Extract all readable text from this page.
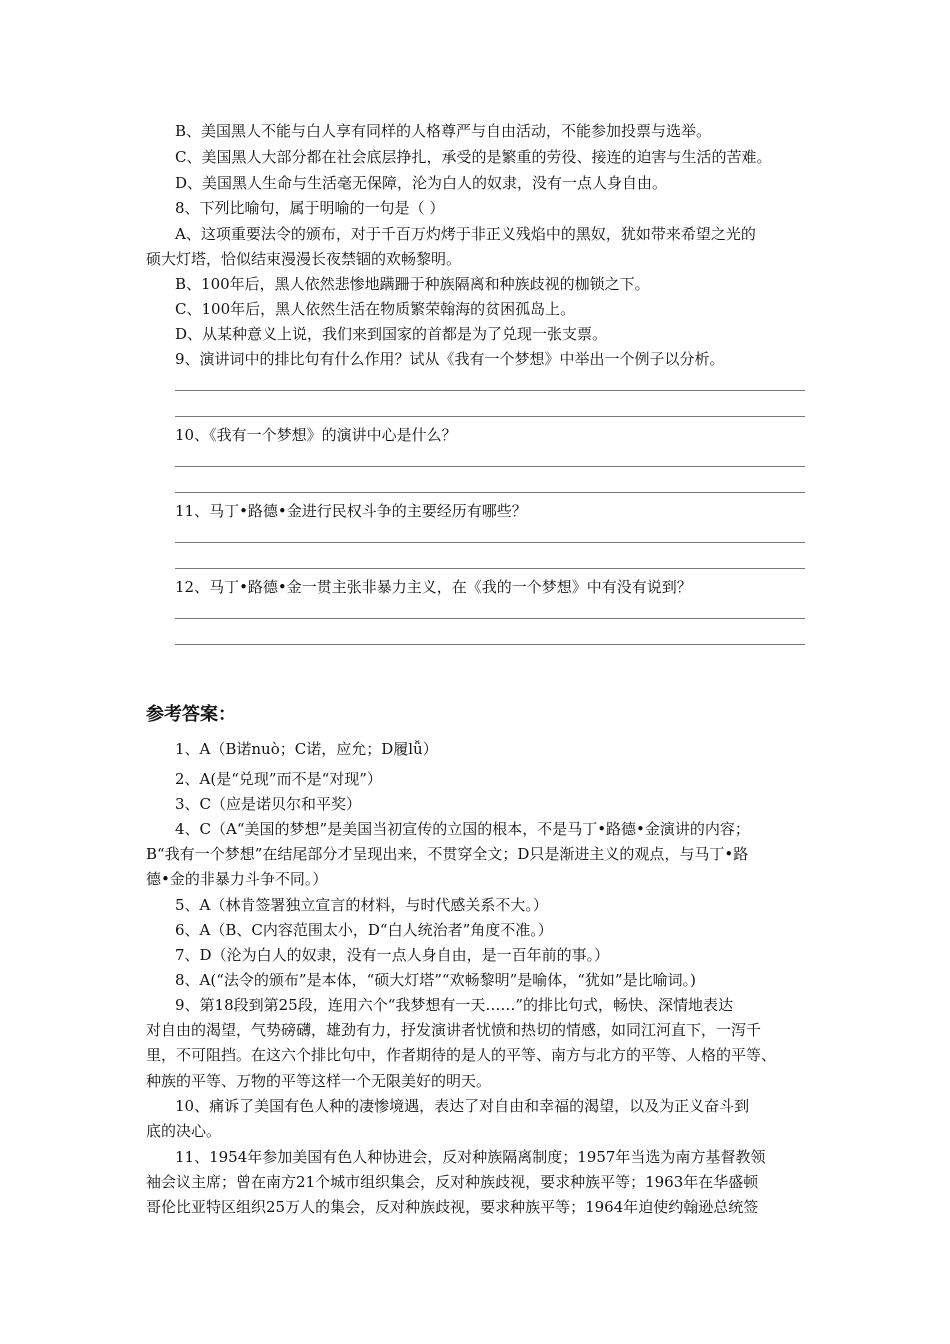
B、美国黑人不能与白人享有同样的人格尊严与自由活动，不能参加投票与选举。
C、美国黑人大部分都在社会底层挣扎，承受的是繁重的劳役、接连的迫害与生活的苦难。
D、美国黑人生命与生活毫无保障，沦为白人的奴隶，没有一点人身自由。
8、下列比喻句，属于明喻的一句是（ ）
A、这项重要法令的颁布，对于千百万灼烤于非正义残焰中的黑奴，犹如带来希望之光的
硕大灯塔，恰似结束漫漫长夜禁锢的欢畅黎明。
B、100年后，黑人依然悲惨地蹒跚于种族隔离和种族歧视的枷锁之下。
C、100年后，黑人依然生活在物质繁荣翰海的贫困孤岛上。
D、从某种意义上说，我们来到国家的首都是为了兑现一张支票。
9、演讲词中的排比句有什么作用？试从《我有一个梦想》中举出一个例子以分析。
10、《我有一个梦想》的演讲中心是什么？
11、马丁•路德•金进行民权斗争的主要经历有哪些？
12、马丁•路德•金一贯主张非暴力主义，在《我的一个梦想》中有没有说到？
参考答案：
1、A（B诺nuò；C诺，应允；D履lǚ）
2、A(是“兑现”而不是“对现”）
3、C（应是诺贝尔和平奖）
4、C（A“美国的梦想”是美国当初宣传的立国的根本，不是马丁•路德•金演讲的内容；
B“我有一个梦想”在结尾部分才呈现出来，不贯穿全文；D只是渐进主义的观点，与马丁•路
德•金的非暴力斗争不同。）
5、A（林肯签署独立宣言的材料，与时代感关系不大。）
6、A（B、C内容范围太小，D“白人统治者”角度不准。）
7、D（沦为白人的奴隶，没有一点人身自由，是一百年前的事。）
8、A(“法令的颁布”是本体，“硕大灯塔”“欢畅黎明”是喻体，“犹如”是比喻词。)
9、第18段到第25段，连用六个“我梦想有一天……”的排比句式，畅快、深情地表达
对自由的渴望，气势磅礴，雄劲有力，抒发演讲者忧愤和热切的情感，如同江河直下，一泻千
里，不可阻挡。在这六个排比句中，作者期待的是人的平等、南方与北方的平等、人格的平等、
种族的平等、万物的平等这样一个无限美好的明天。
10、痛诉了美国有色人种的凄惨境遇，表达了对自由和幸福的渴望，以及为正义奋斗到
底的决心。
11、1954年参加美国有色人种协进会，反对种族隔离制度；1957年当选为南方基督教领
袖会议主席；曾在南方21个城市组织集会，反对种族歧视，要求种族平等；1963年在华盛顿
哥伦比亚特区组织25万人的集会，反对种族歧视，要求种族平等；1964年迫使约翰逊总统签
